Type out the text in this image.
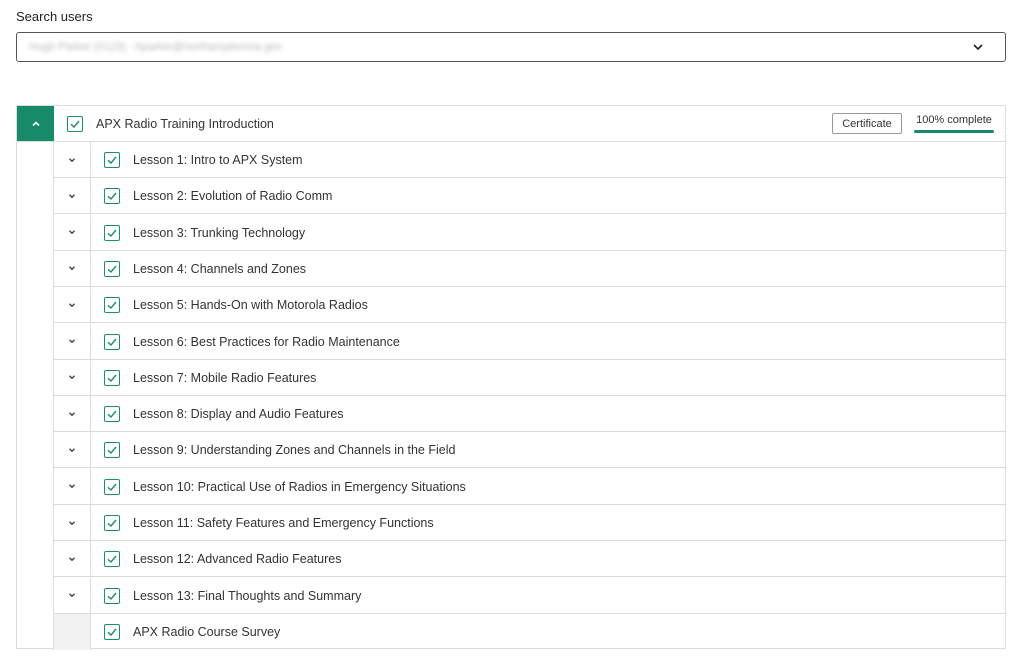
Search users
Hugh Parker (#123) - hparker@northamptonma.gov
APX Radio Training Introduction	Certificate	100% complete
Lesson 1: Intro to APX System
Lesson 2: Evolution of Radio Comm
Lesson 3: Trunking Technology
Lesson 4: Channels and Zones
Lesson 5: Hands-On with Motorola Radios
Lesson 6: Best Practices for Radio Maintenance
Lesson 7: Mobile Radio Features
Lesson 8: Display and Audio Features
Lesson 9: Understanding Zones and Channels in the Field
Lesson 10: Practical Use of Radios in Emergency Situations
Lesson 11: Safety Features and Emergency Functions
Lesson 12: Advanced Radio Features
Lesson 13: Final Thoughts and Summary
APX Radio Course Survey
